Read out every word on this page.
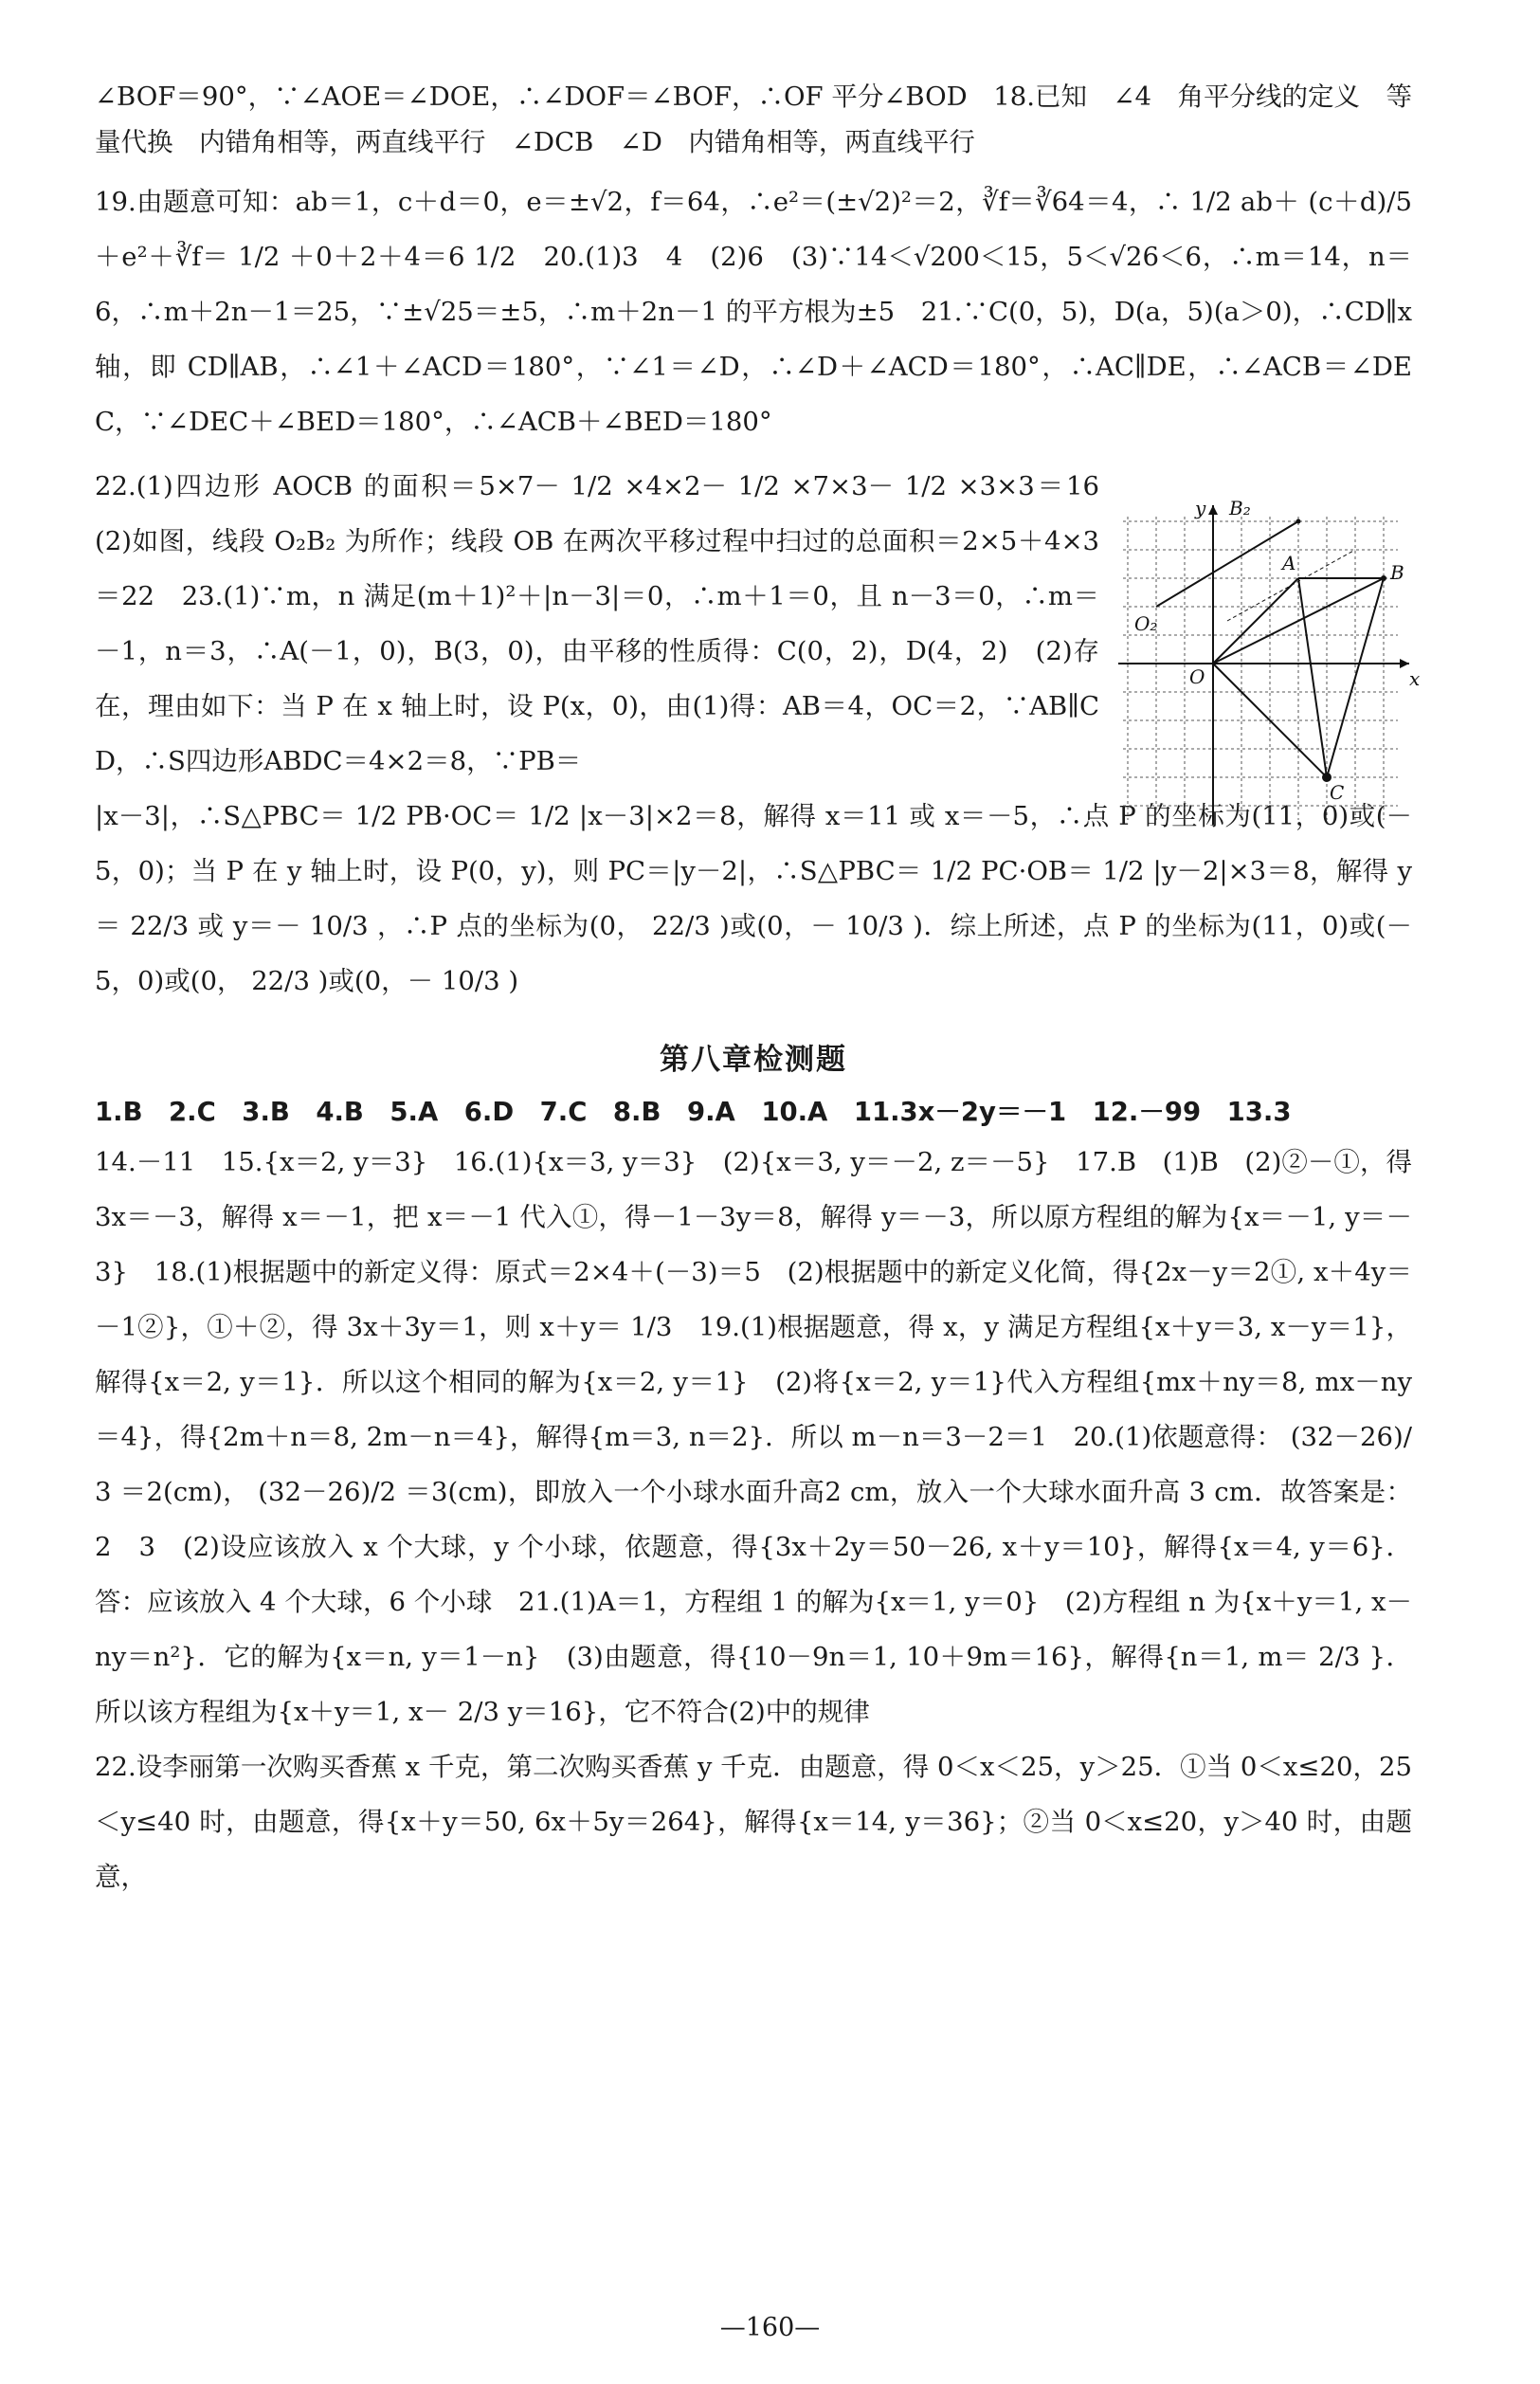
∠BOF＝90°，∵∠AOE＝∠DOE，∴∠DOF＝∠BOF，∴OF 平分∠BOD　18.已知　∠4　角平分线的定义　等量代换　内错角相等，两直线平行　∠DCB　∠D　内错角相等，两直线平行

19.由题意可知：ab＝1，c＋d＝0，e＝±√2，f＝64，∴e²＝(±√2)²＝2，∛f＝∛64＝4，∴ 1/2 ab＋ (c＋d)/5 ＋e²＋∛f＝ 1/2 ＋0＋2＋4＝6 1/2　20.(1)3　4　(2)6　(3)∵14＜√200＜15，5＜√26＜6，∴m＝14，n＝6，∴m＋2n－1＝25，∵±√25＝±5，∴m＋2n－1 的平方根为±5　21.∵C(0，5)，D(a，5)(a＞0)，∴CD∥x 轴，即 CD∥AB，∴∠1＋∠ACD＝180°，∵∠1＝∠D，∴∠D＋∠ACD＝180°，∴AC∥DE，∴∠ACB＝∠DEC，∵∠DEC＋∠BED＝180°，∴∠ACB＋∠BED＝180°

22.(1)四边形 AOCB 的面积＝5×7－ 1/2 ×4×2－ 1/2 ×7×3－ 1/2 ×3×3＝16　(2)如图，线段 O₂B₂ 为所作；线段 OB 在两次平移过程中扫过的总面积＝2×5＋4×3＝22　23.(1)∵m，n 满足(m＋1)²＋|n－3|＝0，∴m＋1＝0，且 n－3＝0，∴m＝－1，n＝3，∴A(－1，0)，B(3，0)，由平移的性质得：C(0，2)，D(4，2)　(2)存在，理由如下：当 P 在 x 轴上时，设 P(x，0)，由(1)得：AB＝4，OC＝2，∵AB∥CD，∴S四边形ABDC＝4×2＝8，∵PB＝

|x－3|，∴S△PBC＝ 1/2 PB·OC＝ 1/2 |x－3|×2＝8，解得 x＝11 或 x＝－5，∴点 P 的坐标为(11，0)或(－5，0)；当 P 在 y 轴上时，设 P(0，y)，则 PC＝|y－2|，∴S△PBC＝ 1/2 PC·OB＝ 1/2 |y－2|×3＝8，解得 y＝ 22/3 或 y＝－ 10/3 ，∴P 点的坐标为(0， 22/3 )或(0，－ 10/3 )．综上所述，点 P 的坐标为(11，0)或(－5，0)或(0， 22/3 )或(0，－ 10/3 )

第八章检测题

1.B　2.C　3.B　4.B　5.A　6.D　7.C　8.B　9.A　10.A　11.3x－2y＝－1　12.－99　13.3

14.－11　15.{x＝2, y＝3}　16.(1){x＝3, y＝3}　(2){x＝3, y＝－2, z＝－5}　17.B　(1)B　(2)②－①，得 3x＝－3，解得 x＝－1，把 x＝－1 代入①，得－1－3y＝8，解得 y＝－3，所以原方程组的解为{x＝－1, y＝－3}　18.(1)根据题中的新定义得：原式＝2×4＋(－3)＝5　(2)根据题中的新定义化简，得{2x－y＝2①, x＋4y＝－1②}，①＋②，得 3x＋3y＝1，则 x＋y＝ 1/3　19.(1)根据题意，得 x，y 满足方程组{x＋y＝3, x－y＝1}，解得{x＝2, y＝1}．所以这个相同的解为{x＝2, y＝1}　(2)将{x＝2, y＝1}代入方程组{mx＋ny＝8, mx－ny＝4}，得{2m＋n＝8, 2m－n＝4}，解得{m＝3, n＝2}．所以 m－n＝3－2＝1　20.(1)依题意得： (32－26)/3 ＝2(cm)， (32－26)/2 ＝3(cm)，即放入一个小球水面升高2 cm，放入一个大球水面升高 3 cm．故答案是：2　3　(2)设应该放入 x 个大球，y 个小球，依题意，得{3x＋2y＝50－26, x＋y＝10}，解得{x＝4, y＝6}．答：应该放入 4 个大球，6 个小球　21.(1)A＝1，方程组 1 的解为{x＝1, y＝0}　(2)方程组 n 为{x＋y＝1, x－ny＝n²}．它的解为{x＝n, y＝1－n}　(3)由题意，得{10－9n＝1, 10＋9m＝16}，解得{n＝1, m＝ 2/3 }．所以该方程组为{x＋y＝1, x－ 2/3 y＝16}，它不符合(2)中的规律

22.设李丽第一次购买香蕉 x 千克，第二次购买香蕉 y 千克．由题意，得 0＜x＜25，y＞25．①当 0＜x≤20，25＜y≤40 时，由题意，得{x＋y＝50, 6x＋5y＝264}，解得{x＝14, y＝36}；②当 0＜x≤20，y＞40 时，由题意，

y
x
B₂
B
O
O₂
C
A
—160—
